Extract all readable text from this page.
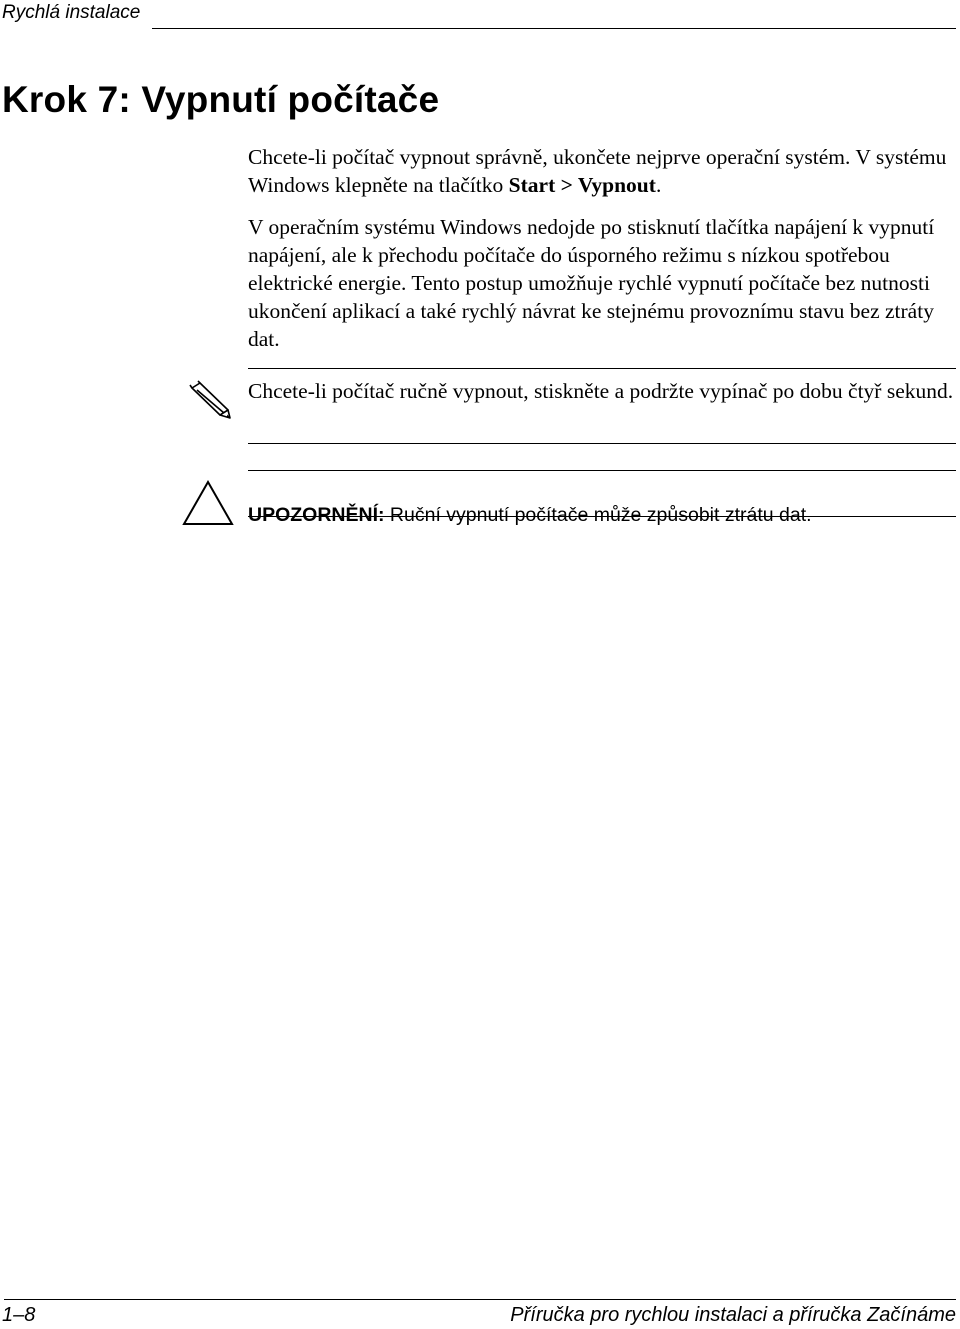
Rychlá instalace
Krok 7: Vypnutí počítače

Chcete-li počítač vypnout správně, ukončete nejprve operační systém. V systému Windows klepněte na tlačítko Start > Vypnout.

V operačním systému Windows nedojde po stisknutí tlačítka napájení k vypnutí napájení, ale k přechodu počítače do úsporného režimu s nízkou spotřebou elektrické energie. Tento postup umožňuje rychlé vypnutí počítače bez nutnosti ukončení aplikací a také rychlý návrat ke stejnému provoznímu stavu bez ztráty dat.

Chcete-li počítač ručně vypnout, stiskněte a podržte vypínač po dobu čtyř sekund.

UPOZORNĚNÍ: Ruční vypnutí počítače může způsobit ztrátu dat.

1–8	Příručka pro rychlou instalaci a příručka Začínáme
